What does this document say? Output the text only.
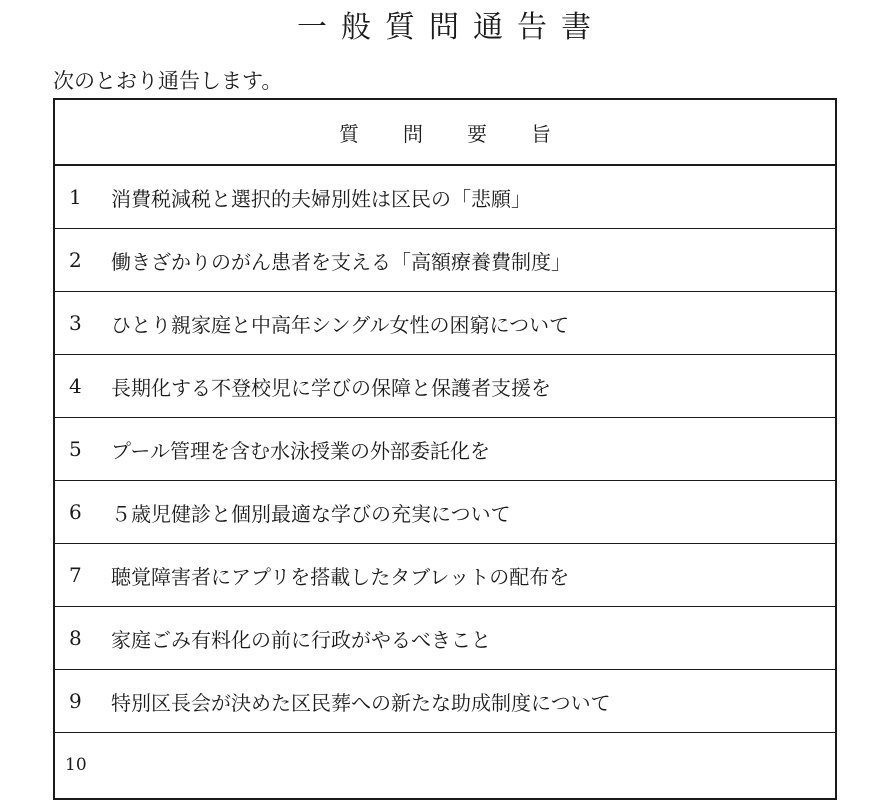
一般質問通告書
次のとおり通告します。
質問要旨
1	消費税減税と選択的夫婦別姓は区民の「悲願」
2	働きざかりのがん患者を支える「高額療養費制度」
3	ひとり親家庭と中高年シングル女性の困窮について
4	長期化する不登校児に学びの保障と保護者支援を
5	プール管理を含む水泳授業の外部委託化を
6	５歳児健診と個別最適な学びの充実について
7	聴覚障害者にアプリを搭載したタブレットの配布を
8	家庭ごみ有料化の前に行政がやるべきこと
9	特別区長会が決めた区民葬への新たな助成制度について
10
